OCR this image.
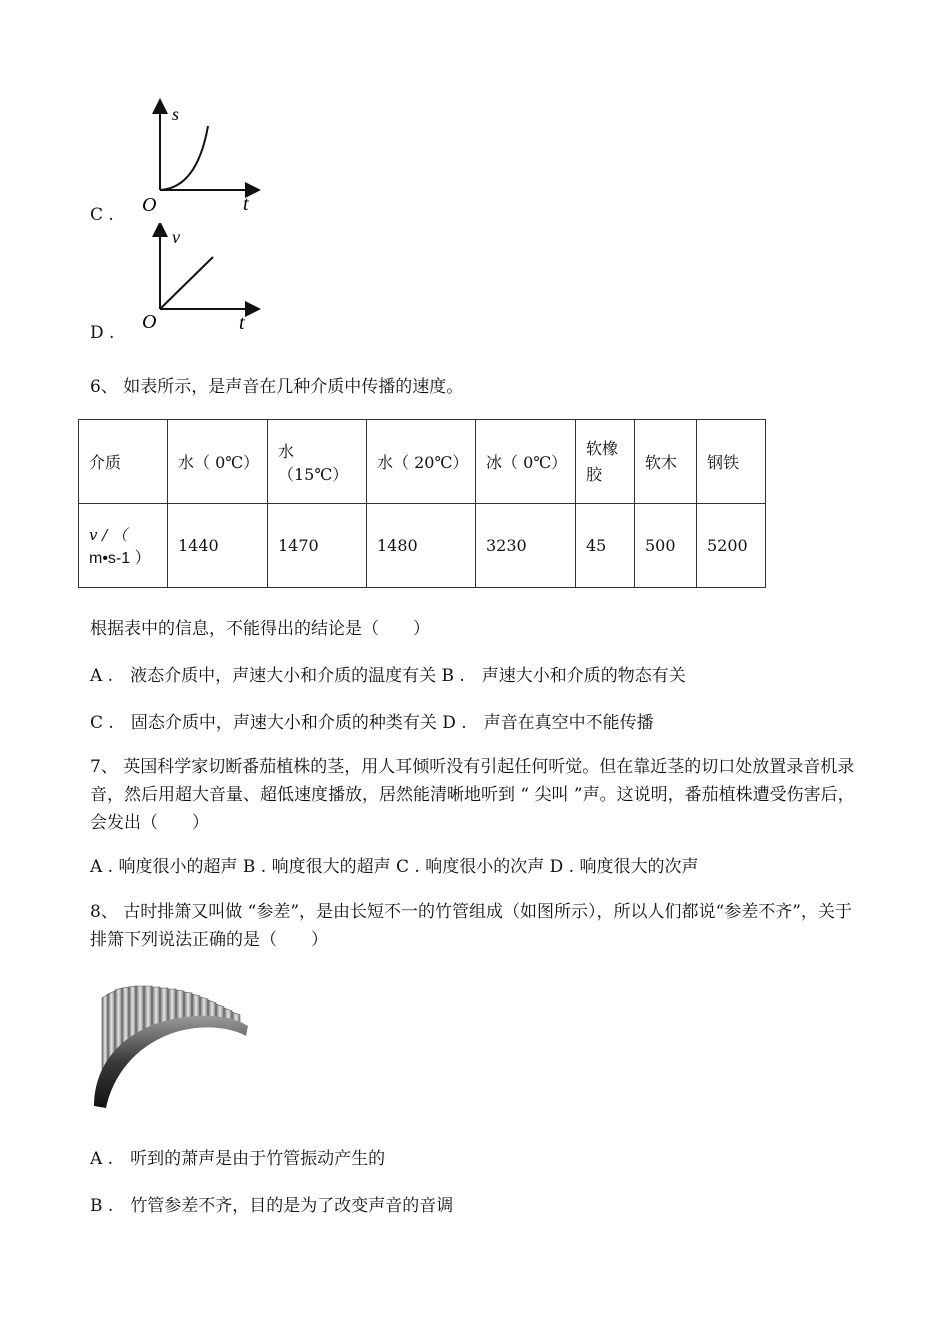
C .
s
t
O
D .
v
t
O
6、 如表所示，是声音在几种介质中传播的速度。
介质	水（ 0℃）	水（15℃）	水（ 20℃）	冰（ 0℃）	软橡胶	软木	钢铁

v / （
m•s-1 ）	1440	1470	1480	3230	45	500	5200
根据表中的信息，不能得出的结论是（　　）
A .　液态介质中，声速大小和介质的温度有关 B .　声速大小和介质的物态有关
C .　固态介质中，声速大小和介质的种类有关 D .　声音在真空中不能传播
7、 英国科学家切断番茄植株的茎，用人耳倾听没有引起任何听觉。但在靠近茎的切口处放置录音机录音，然后用超大音量、超低速度播放，居然能清晰地听到 “ 尖叫 ”声。这说明，番茄植株遭受伤害后，会发出（　　）
A . 响度很小的超声 B . 响度很大的超声 C . 响度很小的次声 D . 响度很大的次声
8、 古时排箫又叫做 “参差”，是由长短不一的竹管组成（如图所示），所以人们都说“参差不齐”，关于排箫下列说法正确的是（　　）
A .　听到的萧声是由于竹管振动产生的
B .　竹管参差不齐，目的是为了改变声音的音调
